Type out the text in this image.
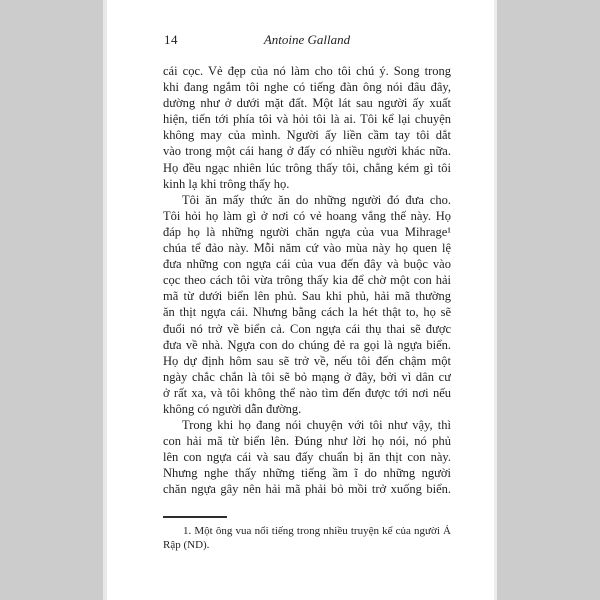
14	Antoine Galland
cái cọc. Vẻ đẹp của nó làm cho tôi chú ý. Song trong
khi đang ngắm tôi nghe có tiếng đàn ông nói đâu đây,
dường như ở dưới mặt đất. Một lát sau người ấy xuất
hiện, tiến tới phía tôi và hỏi tôi là ai. Tôi kể lại chuyện
không may của mình. Người ấy liền cầm tay tôi dắt
vào trong một cái hang ở đấy có nhiều người khác nữa.
Họ đều ngạc nhiên lúc trông thấy tôi, chẳng kém gì tôi
kinh lạ khi trông thấy họ.
Tôi ăn mấy thức ăn do những người đó đưa cho.
Tôi hỏi họ làm gì ở nơi có vẻ hoang vắng thế này. Họ
đáp họ là những người chăn ngựa của vua Mihrage¹
chúa tể đảo này. Mỗi năm cứ vào mùa này họ quen lệ
đưa những con ngựa cái của vua đến đây và buộc vào
cọc theo cách tôi vừa trông thấy kia để chờ một con hải
mã từ dưới biển lên phủ. Sau khi phủ, hải mã thường
ăn thịt ngựa cái. Nhưng bằng cách la hét thật to, họ sẽ
đuổi nó trở về biển cả. Con ngựa cái thụ thai sẽ được
đưa về nhà. Ngựa con do chúng đẻ ra gọi là ngựa biển.
Họ dự định hôm sau sẽ trở về, nếu tôi đến chậm một
ngày chắc chắn là tôi sẽ bỏ mạng ở đây, bởi vì dân cư
ở rất xa, và tôi không thể nào tìm đến được tới nơi nếu
không có người dẫn đường.
Trong khi họ đang nói chuyện với tôi như vậy, thì
con hải mã từ biển lên. Đúng như lời họ nói, nó phủ
lên con ngựa cái và sau đấy chuẩn bị ăn thịt con này.
Nhưng nghe thấy những tiếng ầm ĩ do những người
chăn ngựa gây nên hải mã phải bỏ mồi trở xuống biển.
1. Một ông vua nổi tiếng trong nhiều truyện kể của người Ả
Rập (ND).
